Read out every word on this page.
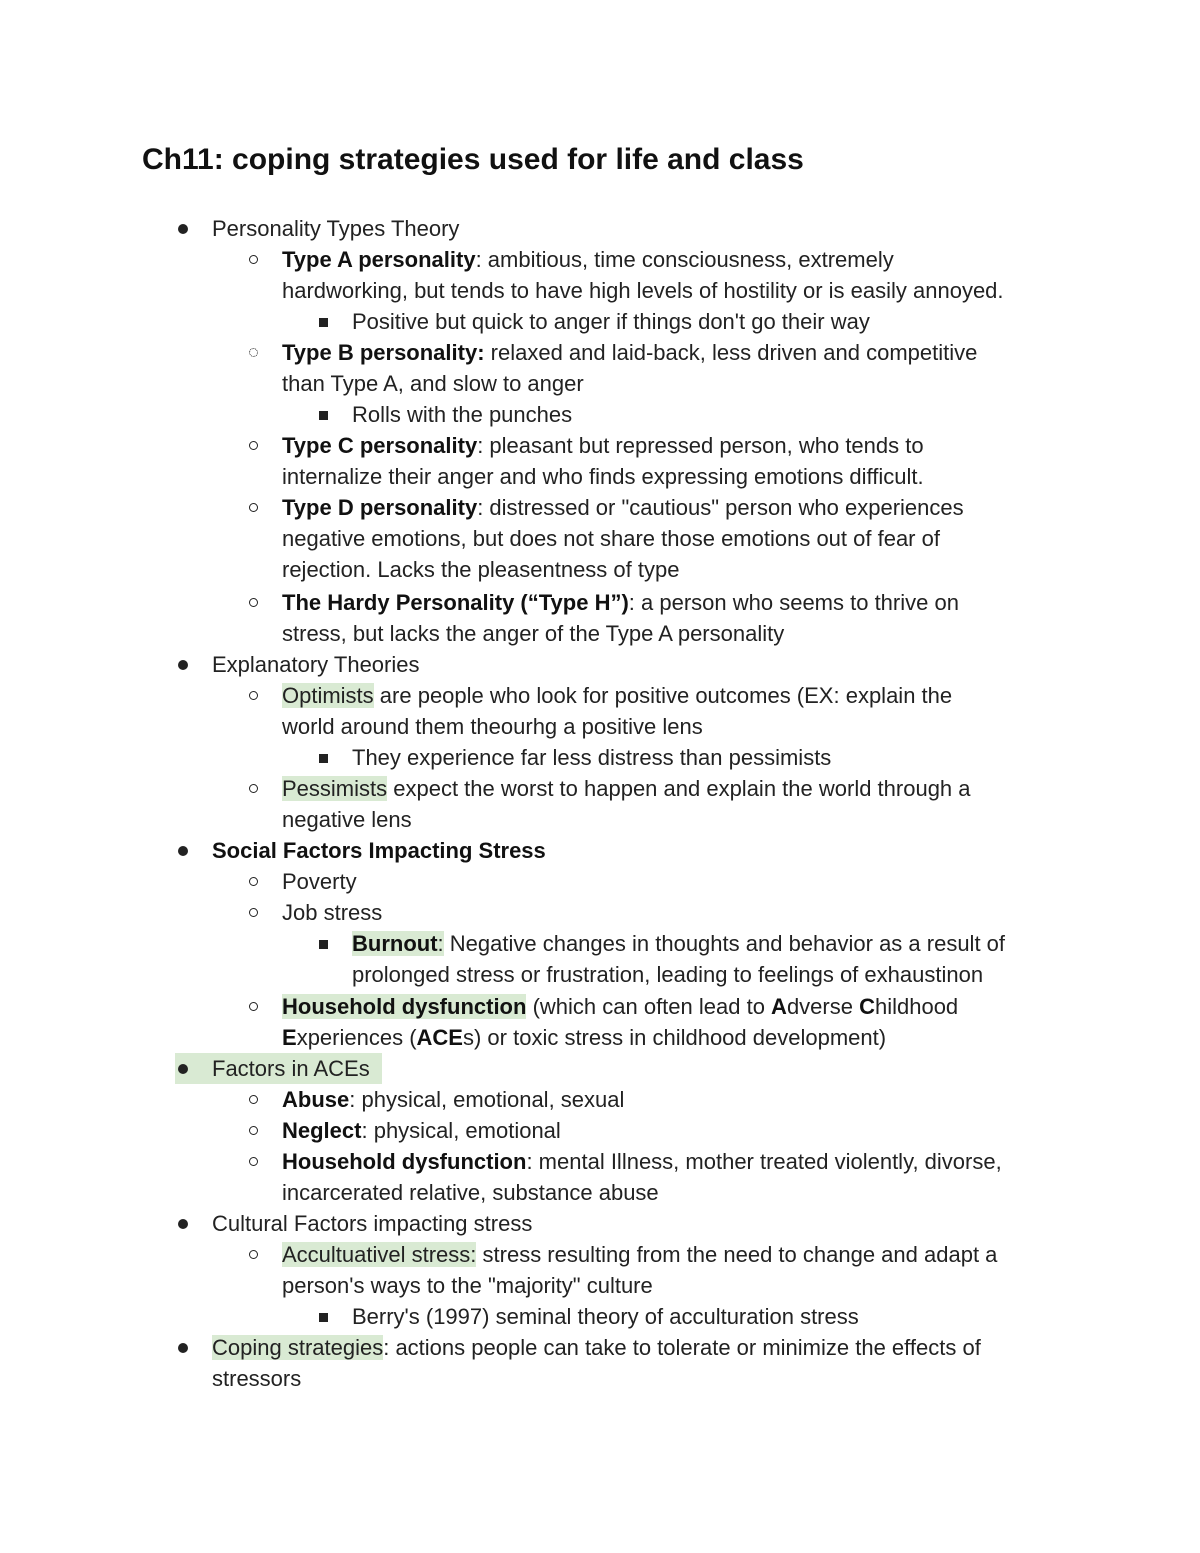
Ch11: coping strategies used for life and class
Personality Types Theory
Type A personality: ambitious, time consciousness, extremely
hardworking, but tends to have high levels of hostility or is easily annoyed.
Positive but quick to anger if things don't go their way
Type B personality: relaxed and laid-back, less driven and competitive
than Type A, and slow to anger
Rolls with the punches
Type C personality: pleasant but repressed person, who tends to
internalize their anger and who finds expressing emotions difficult.
Type D personality: distressed or "cautious" person who experiences
negative emotions, but does not share those emotions out of fear of
rejection. Lacks the pleasentness of type
The Hardy Personality (“Type H”): a person who seems to thrive on
stress, but lacks the anger of the Type A personality
Explanatory Theories
Optimists are people who look for positive outcomes (EX: explain the
world around them theourhg a positive lens
They experience far less distress than pessimists
Pessimists expect the worst to happen and explain the world through a
negative lens
Social Factors Impacting Stress
Poverty
Job stress
Burnout: Negative changes in thoughts and behavior as a result of
prolonged stress or frustration, leading to feelings of exhaustinon
Household dysfunction (which can often lead to Adverse Childhood
Experiences (ACEs) or toxic stress in childhood development)
Factors in ACEs
Abuse: physical, emotional, sexual
Neglect: physical, emotional
Household dysfunction: mental Illness, mother treated violently, divorse,
incarcerated relative, substance abuse
Cultural Factors impacting stress
Accultuativel stress: stress resulting from the need to change and adapt a
person's ways to the "majority" culture
Berry's (1997) seminal theory of acculturation stress
Coping strategies: actions people can take to tolerate or minimize the effects of
stressors
